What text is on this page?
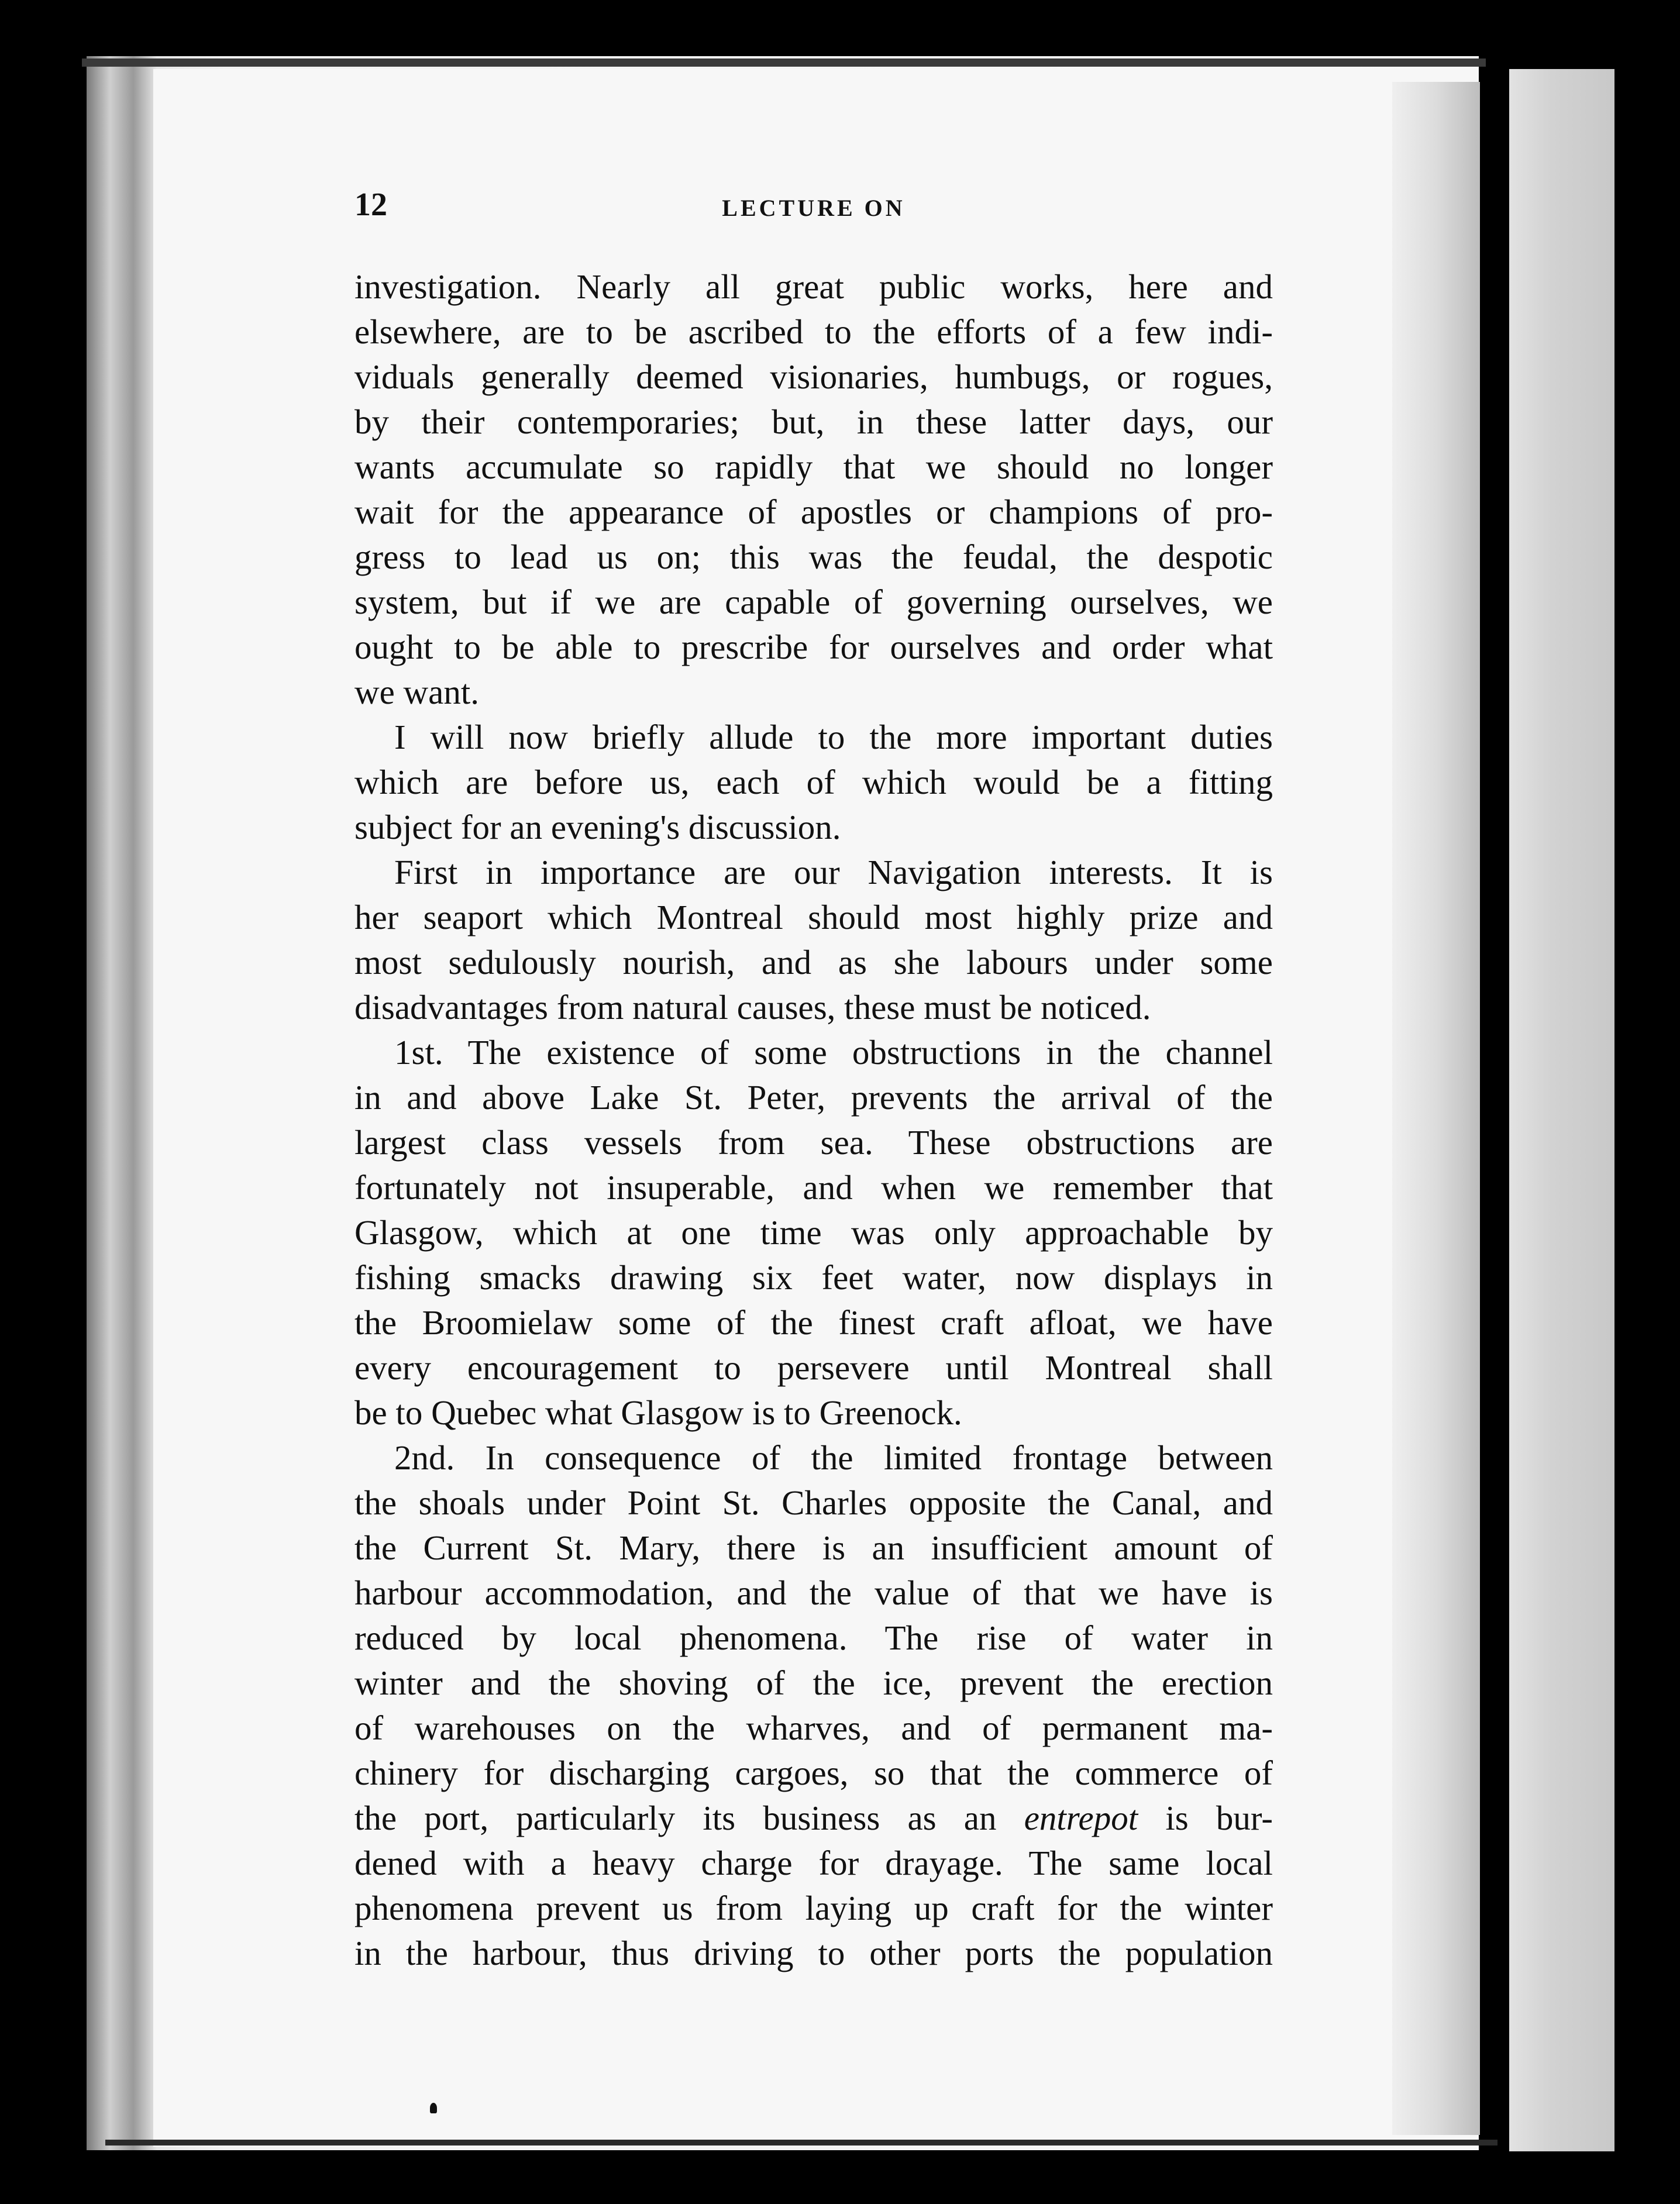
12	LECTURE ON
investigation. Nearly all great public works, here and
elsewhere, are to be ascribed to the efforts of a few indi-
viduals generally deemed visionaries, humbugs, or rogues,
by their contemporaries; but, in these latter days, our
wants accumulate so rapidly that we should no longer
wait for the appearance of apostles or champions of pro-
gress to lead us on; this was the feudal, the despotic
system, but if we are capable of governing ourselves, we
ought to be able to prescribe for ourselves and order what
we want.
I will now briefly allude to the more important duties
which are before us, each of which would be a fitting
subject for an evening's discussion.
First in importance are our Navigation interests. It is
her seaport which Montreal should most highly prize and
most sedulously nourish, and as she labours under some
disadvantages from natural causes, these must be noticed.
1st. The existence of some obstructions in the channel
in and above Lake St. Peter, prevents the arrival of the
largest class vessels from sea. These obstructions are
fortunately not insuperable, and when we remember that
Glasgow, which at one time was only approachable by
fishing smacks drawing six feet water, now displays in
the Broomielaw some of the finest craft afloat, we have
every encouragement to persevere until Montreal shall
be to Quebec what Glasgow is to Greenock.
2nd. In consequence of the limited frontage between
the shoals under Point St. Charles opposite the Canal, and
the Current St. Mary, there is an insufficient amount of
harbour accommodation, and the value of that we have is
reduced by local phenomena. The rise of water in
winter and the shoving of the ice, prevent the erection
of warehouses on the wharves, and of permanent ma-
chinery for discharging cargoes, so that the commerce of
the port, particularly its business as an entrepot is bur-
dened with a heavy charge for drayage. The same local
phenomena prevent us from laying up craft for the winter
in the harbour, thus driving to other ports the population
